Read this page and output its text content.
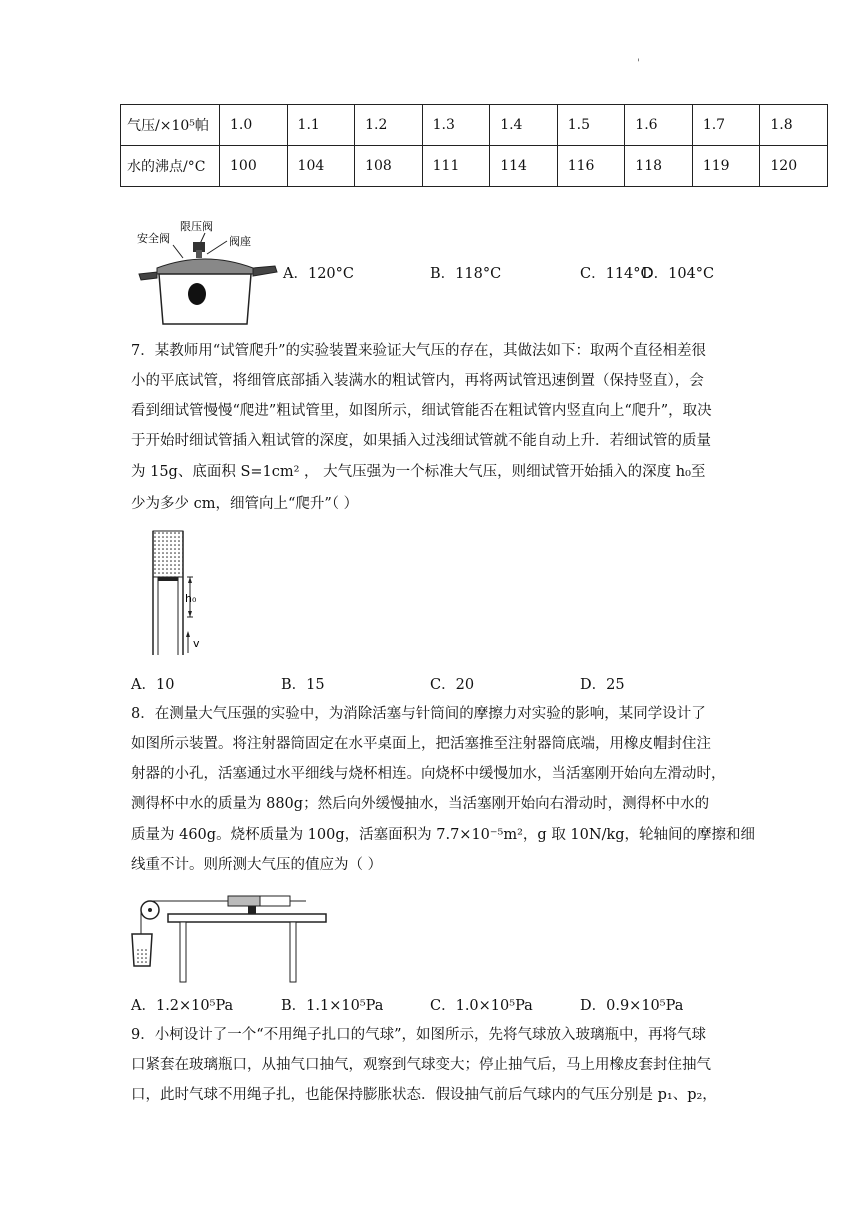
'
气压/×10⁵帕	1.0	1.1	1.2	1.3	1.4	1.5	1.6	1.7	1.8
水的沸点/°C	100	104	108	111	114	116	118	119	120
安全阀
限压阀
阀座
A．120°C	B．118°C	C．114°C
D．104°C
7．某教师用“试管爬升”的实验装置来验证大气压的存在，其做法如下：取两个直径相差很
小的平底试管，将细管底部插入装满水的粗试管内，再将两试管迅速倒置（保持竖直），会
看到细试管慢慢“爬进”粗试管里，如图所示，细试管能否在粗试管内竖直向上“爬升”，取决
于开始时细试管插入粗试管的深度，如果插入过浅细试管就不能自动上升．若细试管的质量
为 15g、底面积 S=1cm² ， 大气压强为一个标准大气压，则细试管开始插入的深度 h₀至
少为多少 cm，细管向上“爬升”（ ）
h₀
v
A．10	B．15	C．20	D．25
8．在测量大气压强的实验中，为消除活塞与针筒间的摩擦力对实验的影响，某同学设计了
如图所示装置。将注射器筒固定在水平桌面上，把活塞推至注射器筒底端，用橡皮帽封住注
射器的小孔，活塞通过水平细线与烧杯相连。向烧杯中缓慢加水，当活塞刚开始向左滑动时，
测得杯中水的质量为 880g；然后向外缓慢抽水，当活塞刚开始向右滑动时，测得杯中水的
质量为 460g。烧杯质量为 100g，活塞面积为 7.7×10⁻⁵m²，g 取 10N/kg，轮轴间的摩擦和细
线重不计。则所测大气压的值应为（ ）
A．1.2×10⁵Pa	B．1.1×10⁵Pa	C．1.0×10⁵Pa	D．0.9×10⁵Pa
9．小柯设计了一个“不用绳子扎口的气球”，如图所示，先将气球放入玻璃瓶中，再将气球
口紧套在玻璃瓶口，从抽气口抽气，观察到气球变大；停止抽气后，马上用橡皮套封住抽气
口，此时气球不用绳子扎，也能保持膨胀状态．假设抽气前后气球内的气压分别是 p₁、p₂，
